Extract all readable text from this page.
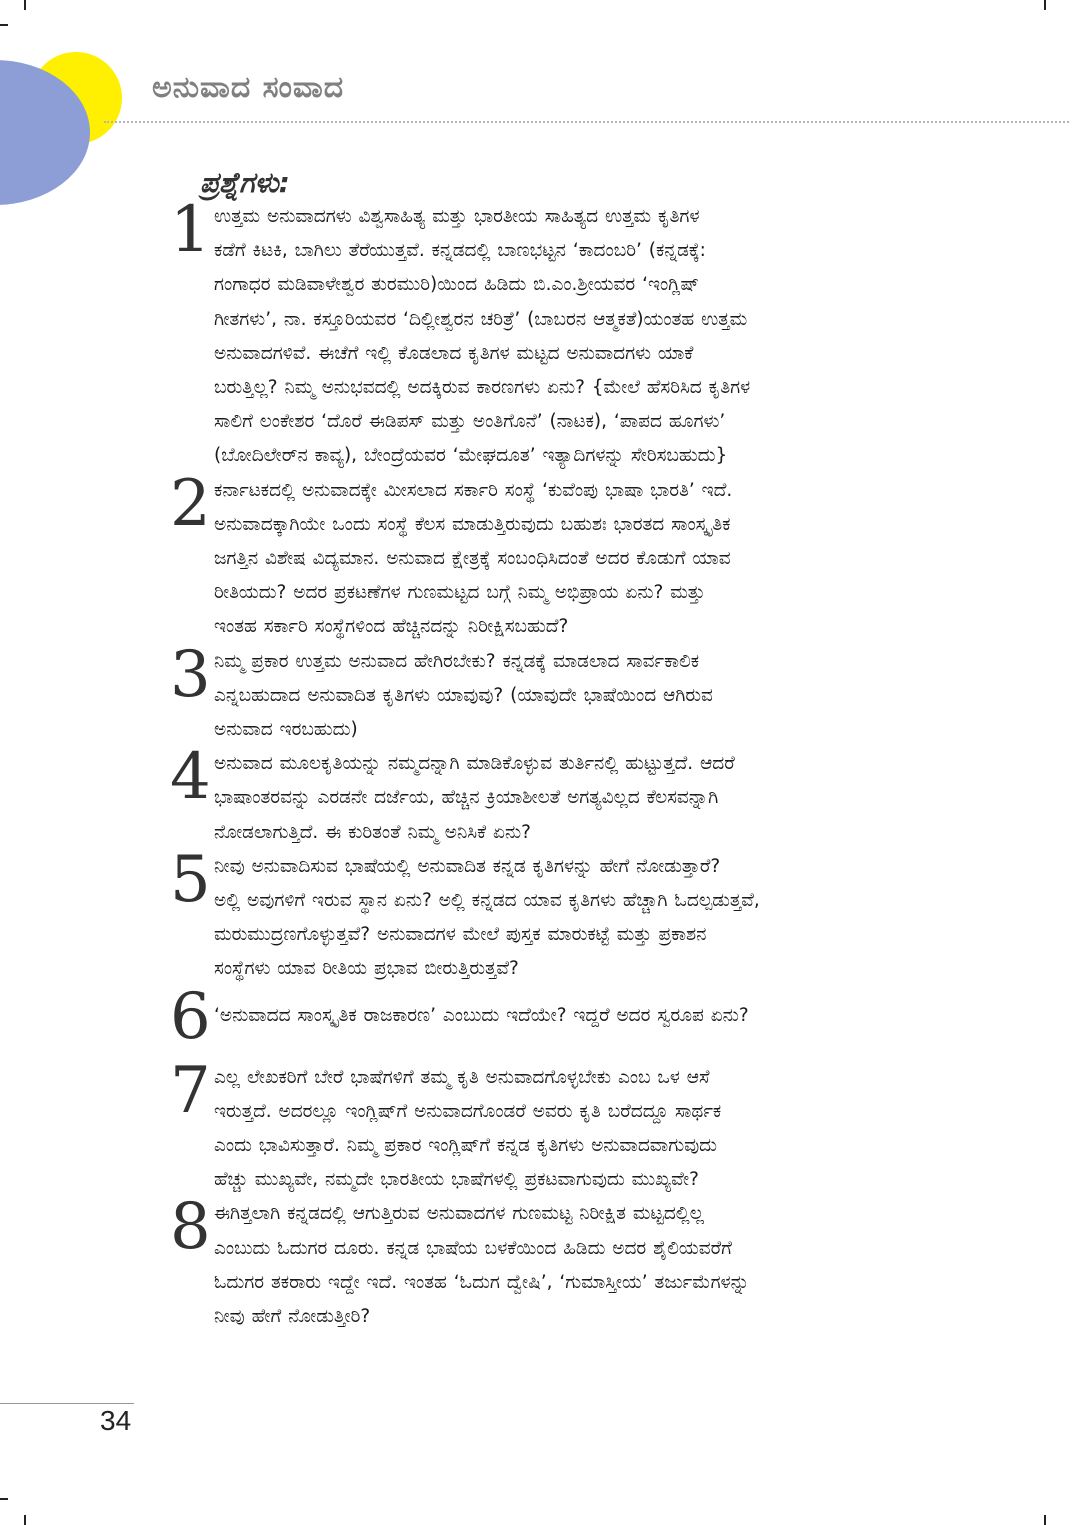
ಅನುವಾದ ಸಂವಾದ
ಪ್ರಶ್ನೆಗಳು:
1 ಉತ್ತಮ ಅನುವಾದಗಳು ವಿಶ್ವಸಾಹಿತ್ಯ ಮತ್ತು ಭಾರತೀಯ ಸಾಹಿತ್ಯದ ಉತ್ತಮ ಕೃತಿಗಳ
ಕಡೆಗೆ ಕಿಟಕಿ, ಬಾಗಿಲು ತೆರೆಯುತ್ತವೆ. ಕನ್ನಡದಲ್ಲಿ ಬಾಣಭಟ್ಟನ ‘ಕಾದಂಬರಿ’ (ಕನ್ನಡಕ್ಕೆ:
ಗಂಗಾಧರ ಮಡಿವಾಳೇಶ್ವರ ತುರಮುರಿ)ಯಿಂದ ಹಿಡಿದು ಬಿ.ಎಂ.ಶ್ರೀಯವರ ‘ಇಂಗ್ಲಿಷ್
ಗೀತಗಳು’, ನಾ. ಕಸ್ತೂರಿಯವರ ‘ದಿಲ್ಲೀಶ್ವರನ ಚರಿತ್ರೆ’ (ಬಾಬರನ ಆತ್ಮಕತೆ)ಯಂತಹ ಉತ್ತಮ
ಅನುವಾದಗಳಿವೆ. ಈಚೆಗೆ ಇಲ್ಲಿ ಕೊಡಲಾದ ಕೃತಿಗಳ ಮಟ್ಟದ ಅನುವಾದಗಳು ಯಾಕೆ
ಬರುತ್ತಿಲ್ಲ? ನಿಮ್ಮ ಅನುಭವದಲ್ಲಿ ಅದಕ್ಕಿರುವ ಕಾರಣಗಳು ಏನು? {ಮೇಲೆ ಹೆಸರಿಸಿದ ಕೃತಿಗಳ
ಸಾಲಿಗೆ ಲಂಕೇಶರ ‘ದೊರೆ ಈಡಿಪಸ್ ಮತ್ತು ಅಂತಿಗೊನೆ’ (ನಾಟಕ), ‘ಪಾಪದ ಹೂಗಳು’
(ಬೋದಿಲೇರ್‌ನ ಕಾವ್ಯ), ಬೇಂದ್ರೆಯವರ ‘ಮೇಘದೂತ’ ಇತ್ಯಾದಿಗಳನ್ನು ಸೇರಿಸಬಹುದು}
2 ಕರ್ನಾಟಕದಲ್ಲಿ ಅನುವಾದಕ್ಕೇ ಮೀಸಲಾದ ಸರ್ಕಾರಿ ಸಂಸ್ಥೆ ‘ಕುವೆಂಪು ಭಾಷಾ ಭಾರತಿ’ ಇದೆ.
ಅನುವಾದಕ್ಕಾಗಿಯೇ ಒಂದು ಸಂಸ್ಥೆ ಕೆಲಸ ಮಾಡುತ್ತಿರುವುದು ಬಹುಶಃ ಭಾರತದ ಸಾಂಸ್ಕೃತಿಕ
ಜಗತ್ತಿನ ವಿಶೇಷ ವಿದ್ಯಮಾನ. ಅನುವಾದ ಕ್ಷೇತ್ರಕ್ಕೆ ಸಂಬಂಧಿಸಿದಂತೆ ಅದರ ಕೊಡುಗೆ ಯಾವ
ರೀತಿಯದು? ಅದರ ಪ್ರಕಟಣೆಗಳ ಗುಣಮಟ್ಟದ ಬಗ್ಗೆ ನಿಮ್ಮ ಅಭಿಪ್ರಾಯ ಏನು? ಮತ್ತು
ಇಂತಹ ಸರ್ಕಾರಿ ಸಂಸ್ಥೆಗಳಿಂದ ಹೆಚ್ಚಿನದನ್ನು ನಿರೀಕ್ಷಿಸಬಹುದೆ?
3 ನಿಮ್ಮ ಪ್ರಕಾರ ಉತ್ತಮ ಅನುವಾದ ಹೇಗಿರಬೇಕು? ಕನ್ನಡಕ್ಕೆ ಮಾಡಲಾದ ಸಾರ್ವಕಾಲಿಕ
ಎನ್ನಬಹುದಾದ ಅನುವಾದಿತ ಕೃತಿಗಳು ಯಾವುವು? (ಯಾವುದೇ ಭಾಷೆಯಿಂದ ಆಗಿರುವ
ಅನುವಾದ ಇರಬಹುದು)
4 ಅನುವಾದ ಮೂಲಕೃತಿಯನ್ನು ನಮ್ಮದನ್ನಾಗಿ ಮಾಡಿಕೊಳ್ಳುವ ತುರ್ತಿನಲ್ಲಿ ಹುಟ್ಟುತ್ತದೆ. ಆದರೆ
ಭಾಷಾಂತರವನ್ನು ಎರಡನೇ ದರ್ಜೆಯ, ಹೆಚ್ಚಿನ ಕ್ರಿಯಾಶೀಲತೆ ಅಗತ್ಯವಿಲ್ಲದ ಕೆಲಸವನ್ನಾಗಿ
ನೋಡಲಾಗುತ್ತಿದೆ. ಈ ಕುರಿತಂತೆ ನಿಮ್ಮ ಅನಿಸಿಕೆ ಏನು?
5 ನೀವು ಅನುವಾದಿಸುವ ಭಾಷೆಯಲ್ಲಿ ಅನುವಾದಿತ ಕನ್ನಡ ಕೃತಿಗಳನ್ನು ಹೇಗೆ ನೋಡುತ್ತಾರೆ?
ಅಲ್ಲಿ ಅವುಗಳಿಗೆ ಇರುವ ಸ್ಥಾನ ಏನು? ಅಲ್ಲಿ ಕನ್ನಡದ ಯಾವ ಕೃತಿಗಳು ಹೆಚ್ಚಾಗಿ ಓದಲ್ಪಡುತ್ತವೆ,
ಮರುಮುದ್ರಣಗೊಳ್ಳುತ್ತವೆ? ಅನುವಾದಗಳ ಮೇಲೆ ಪುಸ್ತಕ ಮಾರುಕಟ್ಟೆ ಮತ್ತು ಪ್ರಕಾಶನ
ಸಂಸ್ಥೆಗಳು ಯಾವ ರೀತಿಯ ಪ್ರಭಾವ ಬೀರುತ್ತಿರುತ್ತವೆ?
6 ‘ಅನುವಾದದ ಸಾಂಸ್ಕೃತಿಕ ರಾಜಕಾರಣ’ ಎಂಬುದು ಇದೆಯೇ? ಇದ್ದರೆ ಅದರ ಸ್ವರೂಪ ಏನು?
7 ಎಲ್ಲ ಲೇಖಕರಿಗೆ ಬೇರೆ ಭಾಷೆಗಳಿಗೆ ತಮ್ಮ ಕೃತಿ ಅನುವಾದಗೊಳ್ಳಬೇಕು ಎಂಬ ಒಳ ಆಸೆ
ಇರುತ್ತದೆ. ಅದರಲ್ಲೂ ಇಂಗ್ಲಿಷ್‌ಗೆ ಅನುವಾದಗೊಂಡರೆ ಅವರು ಕೃತಿ ಬರೆದದ್ದೂ ಸಾರ್ಥಕ
ಎಂದು ಭಾವಿಸುತ್ತಾರೆ. ನಿಮ್ಮ ಪ್ರಕಾರ ಇಂಗ್ಲಿಷ್‌ಗೆ ಕನ್ನಡ ಕೃತಿಗಳು ಅನುವಾದವಾಗುವುದು
ಹೆಚ್ಚು ಮುಖ್ಯವೇ, ನಮ್ಮದೇ ಭಾರತೀಯ ಭಾಷೆಗಳಲ್ಲಿ ಪ್ರಕಟವಾಗುವುದು ಮುಖ್ಯವೇ?
8 ಈಗಿತ್ತಲಾಗಿ ಕನ್ನಡದಲ್ಲಿ ಆಗುತ್ತಿರುವ ಅನುವಾದಗಳ ಗುಣಮಟ್ಟ ನಿರೀಕ್ಷಿತ ಮಟ್ಟದಲ್ಲಿಲ್ಲ
ಎಂಬುದು ಓದುಗರ ದೂರು. ಕನ್ನಡ ಭಾಷೆಯ ಬಳಕೆಯಿಂದ ಹಿಡಿದು ಅದರ ಶೈಲಿಯವರೆಗೆ
ಓದುಗರ ತಕರಾರು ಇದ್ದೇ ಇದೆ. ಇಂತಹ ‘ಓದುಗ ದ್ವೇಷಿ’, ‘ಗುಮಾಸ್ತೀಯ’ ತರ್ಜುಮೆಗಳನ್ನು
ನೀವು ಹೇಗೆ ನೋಡುತ್ತೀರಿ?
34
